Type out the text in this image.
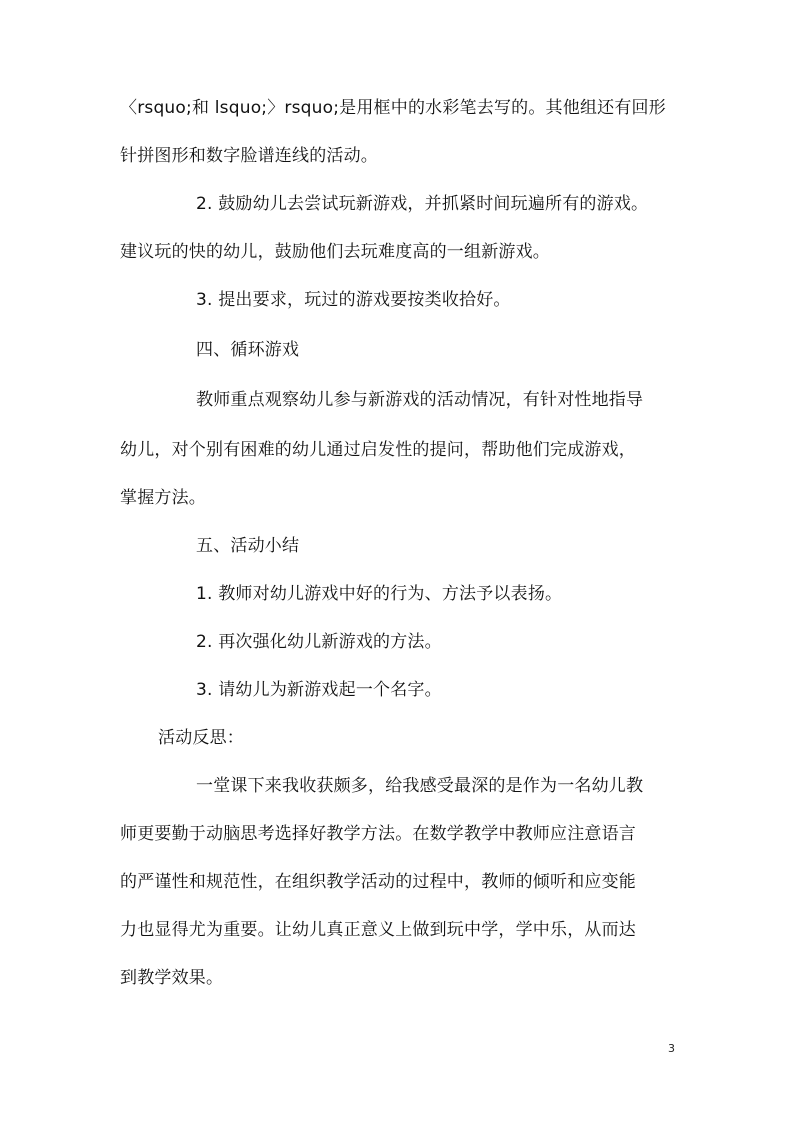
〈rsquo;和 lsquo;〉rsquo;是用框中的水彩笔去写的。其他组还有回形
针拼图形和数字脸谱连线的活动。
2. 鼓励幼儿去尝试玩新游戏，并抓紧时间玩遍所有的游戏。
建议玩的快的幼儿，鼓励他们去玩难度高的一组新游戏。
3. 提出要求，玩过的游戏要按类收拾好。
四、循环游戏
教师重点观察幼儿参与新游戏的活动情况，有针对性地指导
幼儿，对个别有困难的幼儿通过启发性的提问，帮助他们完成游戏，
掌握方法。
五、活动小结
1. 教师对幼儿游戏中好的行为、方法予以表扬。
2. 再次强化幼儿新游戏的方法。
3. 请幼儿为新游戏起一个名字。
活动反思：
一堂课下来我收获颇多，给我感受最深的是作为一名幼儿教
师更要勤于动脑思考选择好教学方法。在数学教学中教师应注意语言
的严谨性和规范性，在组织教学活动的过程中，教师的倾听和应变能
力也显得尤为重要。让幼儿真正意义上做到玩中学，学中乐，从而达
到教学效果。
3
